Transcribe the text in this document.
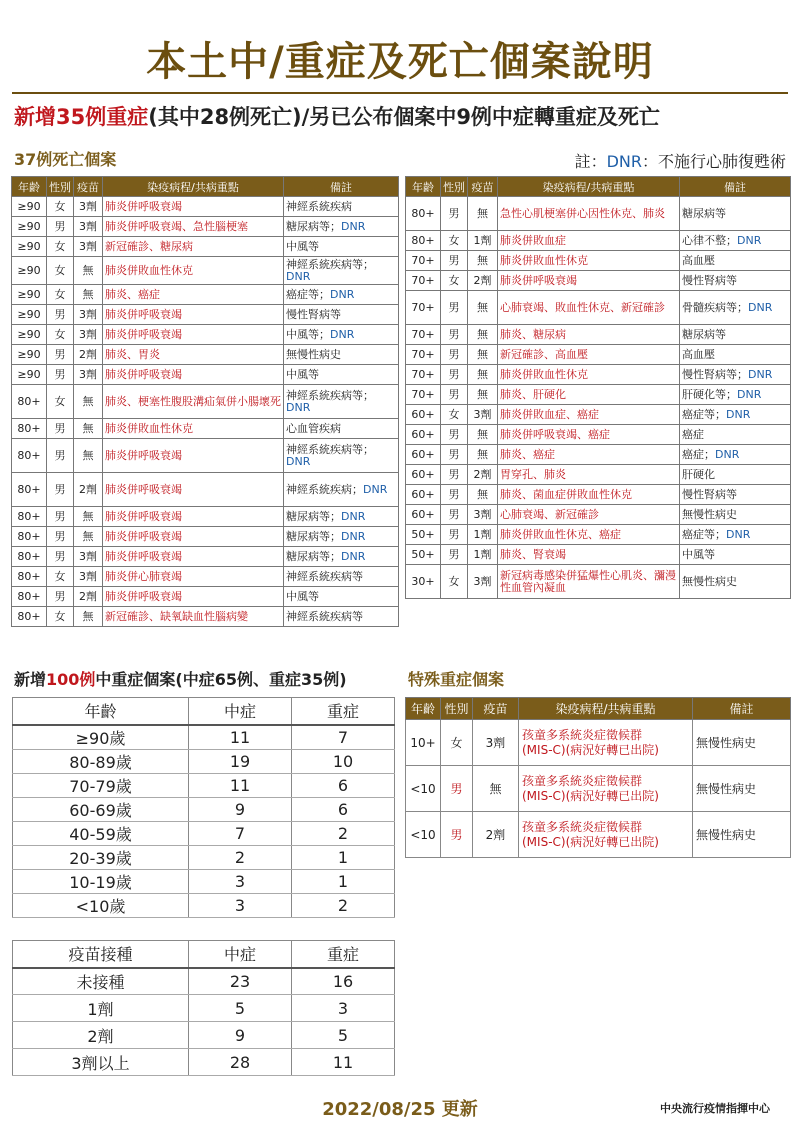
本土中/重症及死亡個案說明
新增35例重症(其中28例死亡)/另已公布個案中9例中症轉重症及死亡
37例死亡個案	註：DNR：不施行心肺復甦術
年齡	性別	疫苗	染疫病程/共病重點	備註
≥90	女	3劑	肺炎併呼吸衰竭	神經系統疾病
≥90	男	3劑	肺炎併呼吸衰竭、急性腦梗塞	糖尿病等；DNR
≥90	女	3劑	新冠確診、糖尿病	中風等
≥90	女	無	肺炎併敗血性休克	神經系統疾病等；DNR
≥90	女	無	肺炎、癌症	癌症等；DNR
≥90	男	3劑	肺炎併呼吸衰竭	慢性腎病等
≥90	女	3劑	肺炎併呼吸衰竭	中風等；DNR
≥90	男	2劑	肺炎、胃炎	無慢性病史
≥90	男	3劑	肺炎併呼吸衰竭	中風等
80+	女	無	肺炎、梗塞性腹股溝疝氣併小腸壞死	神經系統疾病等；DNR
80+	男	無	肺炎併敗血性休克	心血管疾病
80+	男	無	肺炎併呼吸衰竭	神經系統疾病等；DNR
80+	男	2劑	肺炎併呼吸衰竭	神經系統疾病；DNR
80+	男	無	肺炎併呼吸衰竭	糖尿病等；DNR
80+	男	無	肺炎併呼吸衰竭	糖尿病等；DNR
80+	男	3劑	肺炎併呼吸衰竭	糖尿病等；DNR
80+	女	3劑	肺炎併心肺衰竭	神經系統疾病等
80+	男	2劑	肺炎併呼吸衰竭	中風等
80+	女	無	新冠確診、缺氧缺血性腦病變	神經系統疾病等
年齡	性別	疫苗	染疫病程/共病重點	備註
80+	男	無	急性心肌梗塞併心因性休克、肺炎	糖尿病等
80+	女	1劑	肺炎併敗血症	心律不整；DNR
70+	男	無	肺炎併敗血性休克	高血壓
70+	女	2劑	肺炎併呼吸衰竭	慢性腎病等
70+	男	無	心肺衰竭、敗血性休克、新冠確診	骨髓疾病等；DNR
70+	男	無	肺炎、糖尿病	糖尿病等
70+	男	無	新冠確診、高血壓	高血壓
70+	男	無	肺炎併敗血性休克	慢性腎病等；DNR
70+	男	無	肺炎、肝硬化	肝硬化等；DNR
60+	女	3劑	肺炎併敗血症、癌症	癌症等；DNR
60+	男	無	肺炎併呼吸衰竭、癌症	癌症
60+	男	無	肺炎、癌症	癌症；DNR
60+	男	2劑	胃穿孔、肺炎	肝硬化
60+	男	無	肺炎、菌血症併敗血性休克	慢性腎病等
60+	男	3劑	心肺衰竭、新冠確診	無慢性病史
50+	男	1劑	肺炎併敗血性休克、癌症	癌症等；DNR
50+	男	1劑	肺炎、腎衰竭	中風等
30+	女	3劑	新冠病毒感染併猛爆性心肌炎、瀰漫性血管內凝血	無慢性病史
新增100例中重症個案(中症65例、重症35例)	特殊重症個案
年齡	中症	重症
≥90歲	11	7
80-89歲	19	10
70-79歲	11	6
60-69歲	9	6
40-59歲	7	2
20-39歲	2	1
10-19歲	3	1
<10歲	3	2
疫苗接種	中症	重症
未接種	23	16
1劑	5	3
2劑	9	5
3劑以上	28	11
年齡	性別	疫苗	染疫病程/共病重點	備註
10+	女	3劑	孩童多系統炎症徵候群
(MIS-C)(病況好轉已出院)	無慢性病史
<10	男	無	孩童多系統炎症徵候群
(MIS-C)(病況好轉已出院)	無慢性病史
<10	男	2劑	孩童多系統炎症徵候群
(MIS-C)(病況好轉已出院)	無慢性病史
2022/08/25 更新	中央流行疫情指揮中心
